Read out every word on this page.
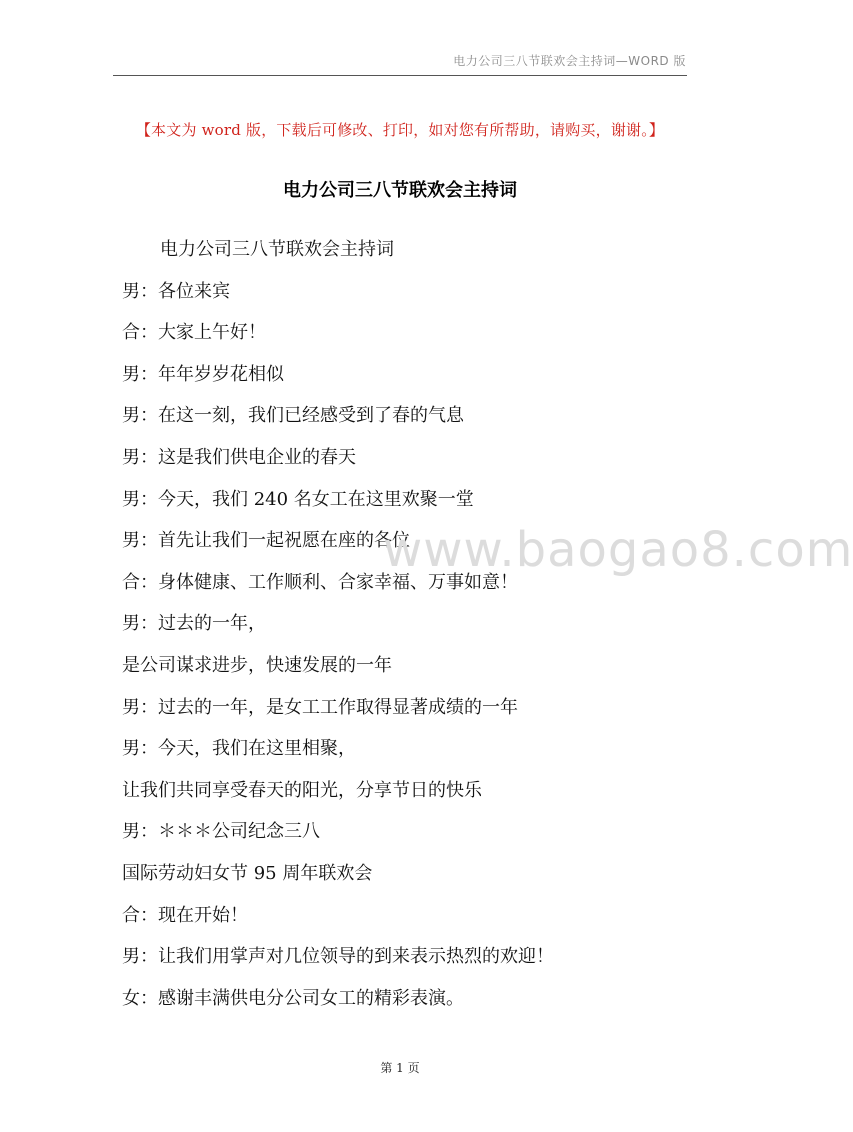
电力公司三八节联欢会主持词—WORD 版
【本文为 word 版，下载后可修改、打印，如对您有所帮助，请购买，谢谢。】
电力公司三八节联欢会主持词
电力公司三八节联欢会主持词
男：各位来宾
合：大家上午好！
男：年年岁岁花相似
男：在这一刻，我们已经感受到了春的气息
男：这是我们供电企业的春天
男：今天，我们 240 名女工在这里欢聚一堂
男：首先让我们一起祝愿在座的各位
合：身体健康、工作顺利、合家幸福、万事如意！
男：过去的一年，
是公司谋求进步，快速发展的一年
男：过去的一年，是女工工作取得显著成绩的一年
男：今天，我们在这里相聚，
让我们共同享受春天的阳光，分享节日的快乐
男：＊＊＊公司纪念三八
国际劳动妇女节 95 周年联欢会
合：现在开始！
男：让我们用掌声对几位领导的到来表示热烈的欢迎！
女：感谢丰满供电分公司女工的精彩表演。
www.baogao8.com
第 1 页
